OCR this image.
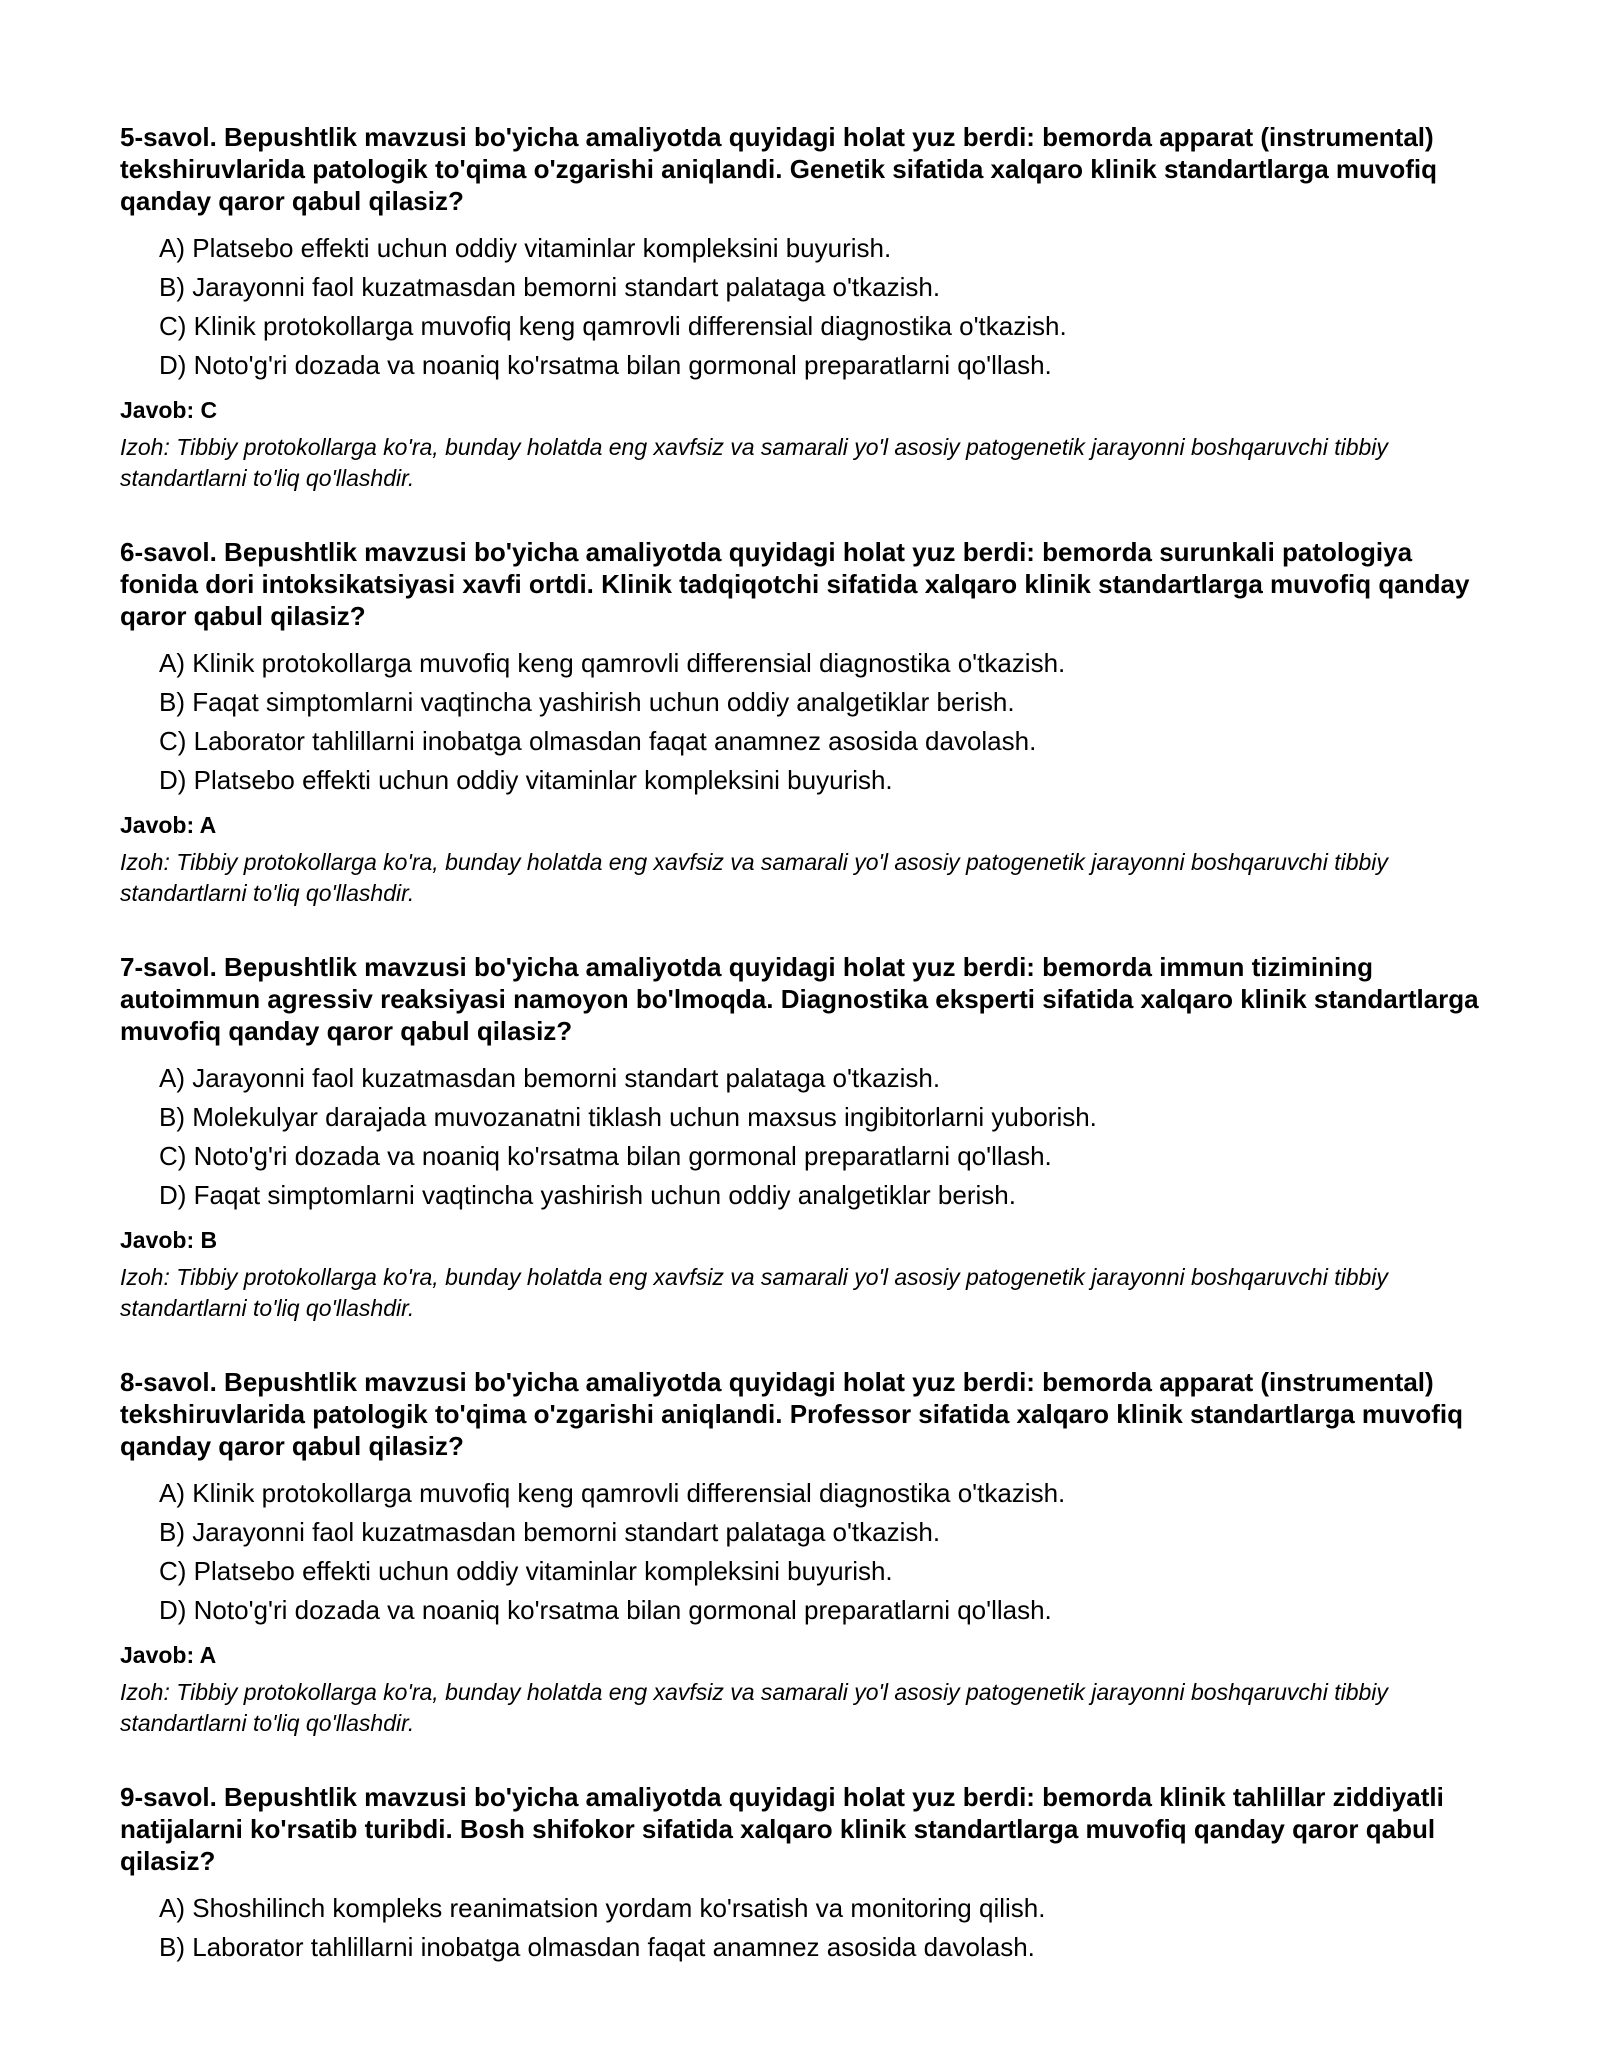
5-savol. Bepushtlik mavzusi bo'yicha amaliyotda quyidagi holat yuz berdi: bemorda apparat (instrumental) tekshiruvlarida patologik to'qima o'zgarishi aniqlandi. Genetik sifatida xalqaro klinik standartlarga muvofiq qanday qaror qabul qilasiz?

A) Platsebo effekti uchun oddiy vitaminlar kompleksini buyurish.
B) Jarayonni faol kuzatmasdan bemorni standart palataga o'tkazish.
C) Klinik protokollarga muvofiq keng qamrovli differensial diagnostika o'tkazish.
D) Noto'g'ri dozada va noaniq ko'rsatma bilan gormonal preparatlarni qo'llash.

Javob: C

Izoh: Tibbiy protokollarga ko'ra, bunday holatda eng xavfsiz va samarali yo'l asosiy patogenetik jarayonni boshqaruvchi tibbiy standartlarni to'liq qo'llashdir.

6-savol. Bepushtlik mavzusi bo'yicha amaliyotda quyidagi holat yuz berdi: bemorda surunkali patologiya fonida dori intoksikatsiyasi xavfi ortdi. Klinik tadqiqotchi sifatida xalqaro klinik standartlarga muvofiq qanday qaror qabul qilasiz?

A) Klinik protokollarga muvofiq keng qamrovli differensial diagnostika o'tkazish.
B) Faqat simptomlarni vaqtincha yashirish uchun oddiy analgetiklar berish.
C) Laborator tahlillarni inobatga olmasdan faqat anamnez asosida davolash.
D) Platsebo effekti uchun oddiy vitaminlar kompleksini buyurish.

Javob: A

Izoh: Tibbiy protokollarga ko'ra, bunday holatda eng xavfsiz va samarali yo'l asosiy patogenetik jarayonni boshqaruvchi tibbiy standartlarni to'liq qo'llashdir.

7-savol. Bepushtlik mavzusi bo'yicha amaliyotda quyidagi holat yuz berdi: bemorda immun tizimining autoimmun agressiv reaksiyasi namoyon bo'lmoqda. Diagnostika eksperti sifatida xalqaro klinik standartlarga muvofiq qanday qaror qabul qilasiz?

A) Jarayonni faol kuzatmasdan bemorni standart palataga o'tkazish.
B) Molekulyar darajada muvozanatni tiklash uchun maxsus ingibitorlarni yuborish.
C) Noto'g'ri dozada va noaniq ko'rsatma bilan gormonal preparatlarni qo'llash.
D) Faqat simptomlarni vaqtincha yashirish uchun oddiy analgetiklar berish.

Javob: B

Izoh: Tibbiy protokollarga ko'ra, bunday holatda eng xavfsiz va samarali yo'l asosiy patogenetik jarayonni boshqaruvchi tibbiy standartlarni to'liq qo'llashdir.

8-savol. Bepushtlik mavzusi bo'yicha amaliyotda quyidagi holat yuz berdi: bemorda apparat (instrumental) tekshiruvlarida patologik to'qima o'zgarishi aniqlandi. Professor sifatida xalqaro klinik standartlarga muvofiq qanday qaror qabul qilasiz?

A) Klinik protokollarga muvofiq keng qamrovli differensial diagnostika o'tkazish.
B) Jarayonni faol kuzatmasdan bemorni standart palataga o'tkazish.
C) Platsebo effekti uchun oddiy vitaminlar kompleksini buyurish.
D) Noto'g'ri dozada va noaniq ko'rsatma bilan gormonal preparatlarni qo'llash.

Javob: A

Izoh: Tibbiy protokollarga ko'ra, bunday holatda eng xavfsiz va samarali yo'l asosiy patogenetik jarayonni boshqaruvchi tibbiy standartlarni to'liq qo'llashdir.

9-savol. Bepushtlik mavzusi bo'yicha amaliyotda quyidagi holat yuz berdi: bemorda klinik tahlillar ziddiyatli natijalarni ko'rsatib turibdi. Bosh shifokor sifatida xalqaro klinik standartlarga muvofiq qanday qaror qabul qilasiz?

A) Shoshilinch kompleks reanimatsion yordam ko'rsatish va monitoring qilish.
B) Laborator tahlillarni inobatga olmasdan faqat anamnez asosida davolash.
